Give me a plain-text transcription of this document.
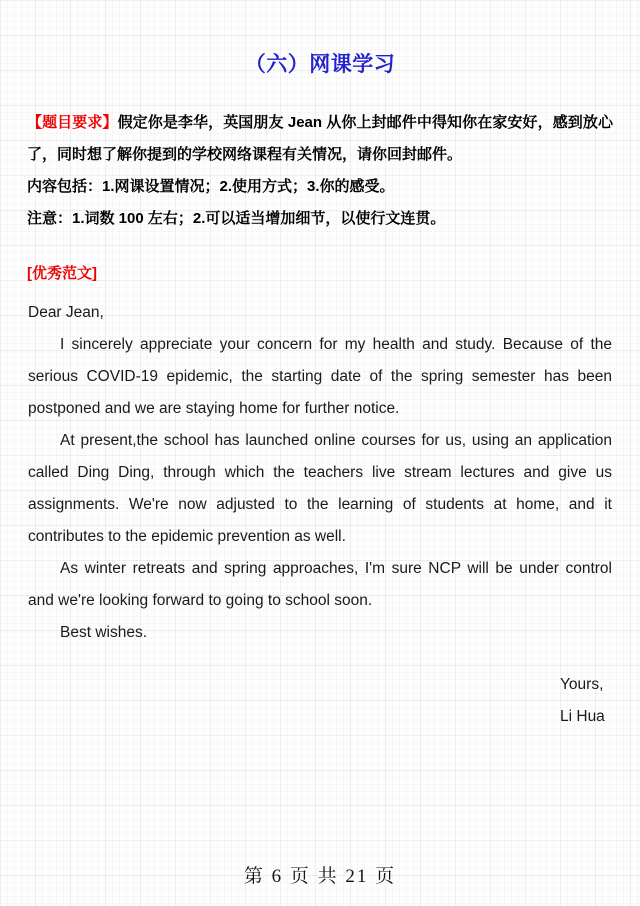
（六）网课学习

【题目要求】假定你是李华，英国朋友 Jean 从你上封邮件中得知你在家安好，感到放心了，同时想了解你提到的学校网络课程有关情况，请你回封邮件。

内容包括：1.网课设置情况；2.使用方式；3.你的感受。

注意：1.词数 100 左右；2.可以适当增加细节，以使行文连贯。

[优秀范文]

Dear Jean,

I sincerely appreciate your concern for my health and study. Because of the serious COVID-19 epidemic, the starting date of the spring semester has been postponed and we are staying home for further notice.

At present,the school has launched online courses for us, using an application called Ding Ding, through which the teachers live stream lectures and give us assignments. We're now adjusted to the learning of students at home, and it contributes to the epidemic prevention as well.

As winter retreats and spring approaches, I'm sure NCP will be under control and we're looking forward to going to school soon.

Best wishes.

Yours,
Li Hua
第 6 页 共 21 页
